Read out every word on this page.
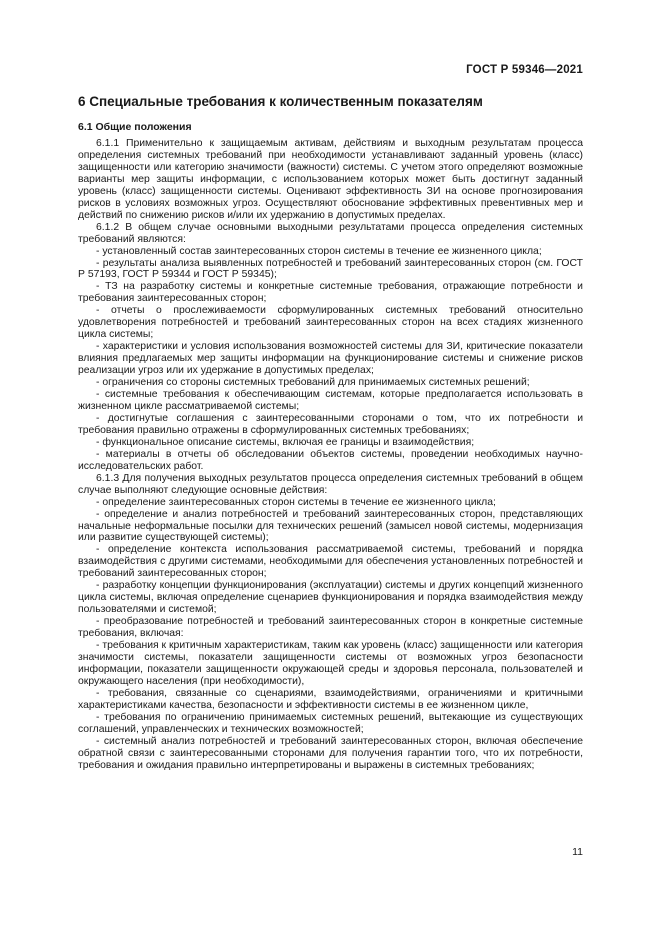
ГОСТ Р 59346—2021
6 Специальные требования к количественным показателям
6.1 Общие положения

6.1.1 Применительно к защищаемым активам, действиям и выходным результатам процесса определения системных требований при необходимости устанавливают заданный уровень (класс) защищенности или категорию значимости (важности) системы. С учетом этого определяют возможные варианты мер защиты информации, с использованием которых может быть достигнут заданный уровень (класс) защищенности системы. Оценивают эффективность ЗИ на основе прогнозирования рисков в условиях возможных угроз. Осуществляют обоснование эффективных превентивных мер и действий по снижению рисков и/или их удержанию в допустимых пределах.

6.1.2 В общем случае основными выходными результатами процесса определения системных требований являются:

- установленный состав заинтересованных сторон системы в течение ее жизненного цикла;

- результаты анализа выявленных потребностей и требований заинтересованных сторон (см. ГОСТ Р 57193, ГОСТ Р 59344 и ГОСТ Р 59345);

- ТЗ на разработку системы и конкретные системные требования, отражающие потребности и требования заинтересованных сторон;

- отчеты о прослеживаемости сформулированных системных требований относительно удовлетворения потребностей и требований заинтересованных сторон на всех стадиях жизненного цикла системы;

- характеристики и условия использования возможностей системы для ЗИ, критические показатели влияния предлагаемых мер защиты информации на функционирование системы и снижение рисков реализации угроз или их удержание в допустимых пределах;

- ограничения со стороны системных требований для принимаемых системных решений;

- системные требования к обеспечивающим системам, которые предполагается использовать в жизненном цикле рассматриваемой системы;

- достигнутые соглашения с заинтересованными сторонами о том, что их потребности и требования правильно отражены в сформулированных системных требованиях;

- функциональное описание системы, включая ее границы и взаимодействия;

- материалы в отчеты об обследовании объектов системы, проведении необходимых научно-исследовательских работ.

6.1.3 Для получения выходных результатов процесса определения системных требований в общем случае выполняют следующие основные действия:

- определение заинтересованных сторон системы в течение ее жизненного цикла;

- определение и анализ потребностей и требований заинтересованных сторон, представляющих начальные неформальные посылки для технических решений (замысел новой системы, модернизация или развитие существующей системы);

- определение контекста использования рассматриваемой системы, требований и порядка взаимодействия с другими системами, необходимыми для обеспечения установленных потребностей и требований заинтересованных сторон;

- разработку концепции функционирования (эксплуатации) системы и других концепций жизненного цикла системы, включая определение сценариев функционирования и порядка взаимодействия между пользователями и системой;

- преобразование потребностей и требований заинтересованных сторон в конкретные системные требования, включая:

- требования к критичным характеристикам, таким как уровень (класс) защищенности или категория значимости системы, показатели защищенности системы от возможных угроз безопасности информации, показатели защищенности окружающей среды и здоровья персонала, пользователей и окружающего населения (при необходимости),

- требования, связанные со сценариями, взаимодействиями, ограничениями и критичными характеристиками качества, безопасности и эффективности системы в ее жизненном цикле,

- требования по ограничению принимаемых системных решений, вытекающие из существующих соглашений, управленческих и технических возможностей;

- системный анализ потребностей и требований заинтересованных сторон, включая обеспечение обратной связи с заинтересованными сторонами для получения гарантии того, что их потребности, требования и ожидания правильно интерпретированы и выражены в системных требованиях;

11
